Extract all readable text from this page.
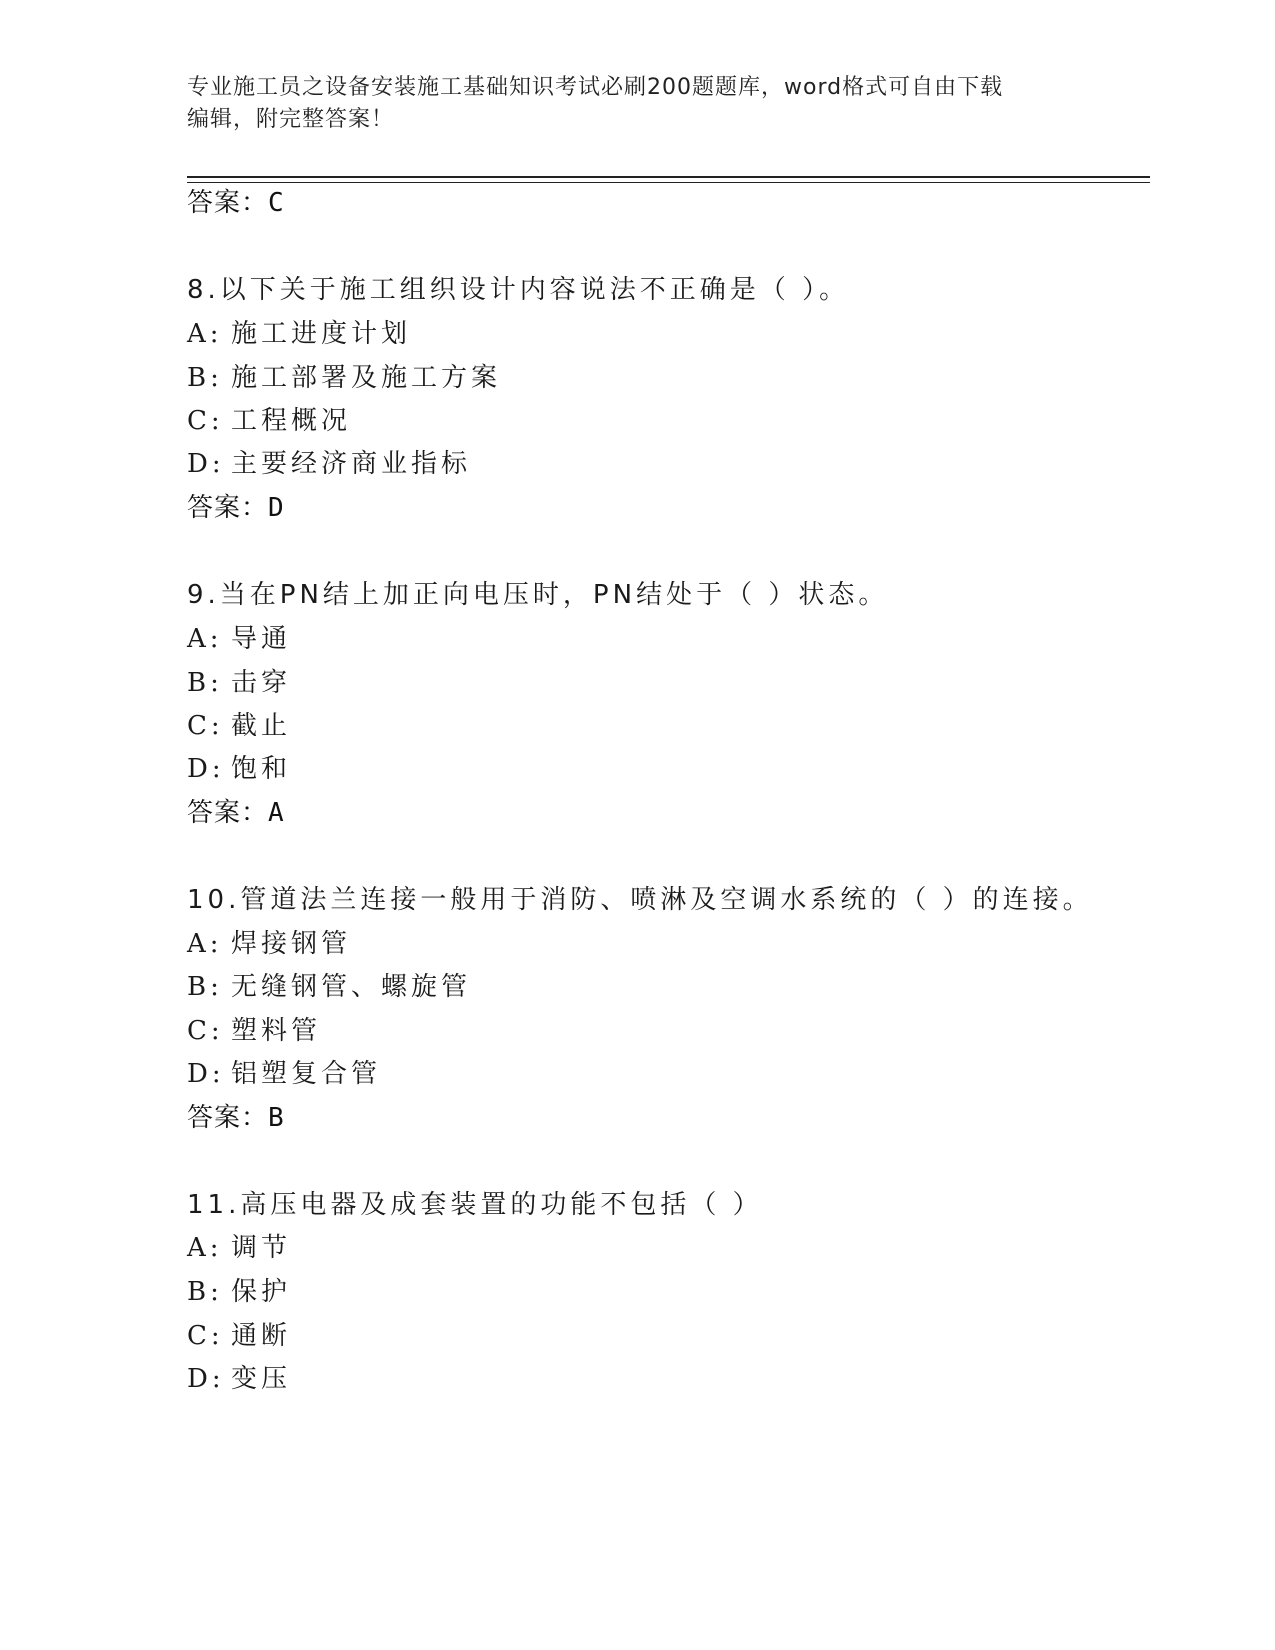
专业施工员之设备安装施工基础知识考试必刷200题题库，word格式可自由下载
编辑，附完整答案！
答案：C
8.以下关于施工组织设计内容说法不正确是（ ）。
A: 施工进度计划
B: 施工部署及施工方案
C: 工程概况
D: 主要经济商业指标
答案：D
9.当在PN结上加正向电压时，PN结处于（ ）状态。
A: 导通
B: 击穿
C: 截止
D: 饱和
答案：A
10.管道法兰连接一般用于消防、喷淋及空调水系统的（ ）的连接。
A: 焊接钢管
B: 无缝钢管、螺旋管
C: 塑料管
D: 铝塑复合管
答案：B
11.高压电器及成套装置的功能不包括（ ）
A: 调节
B: 保护
C: 通断
D: 变压
